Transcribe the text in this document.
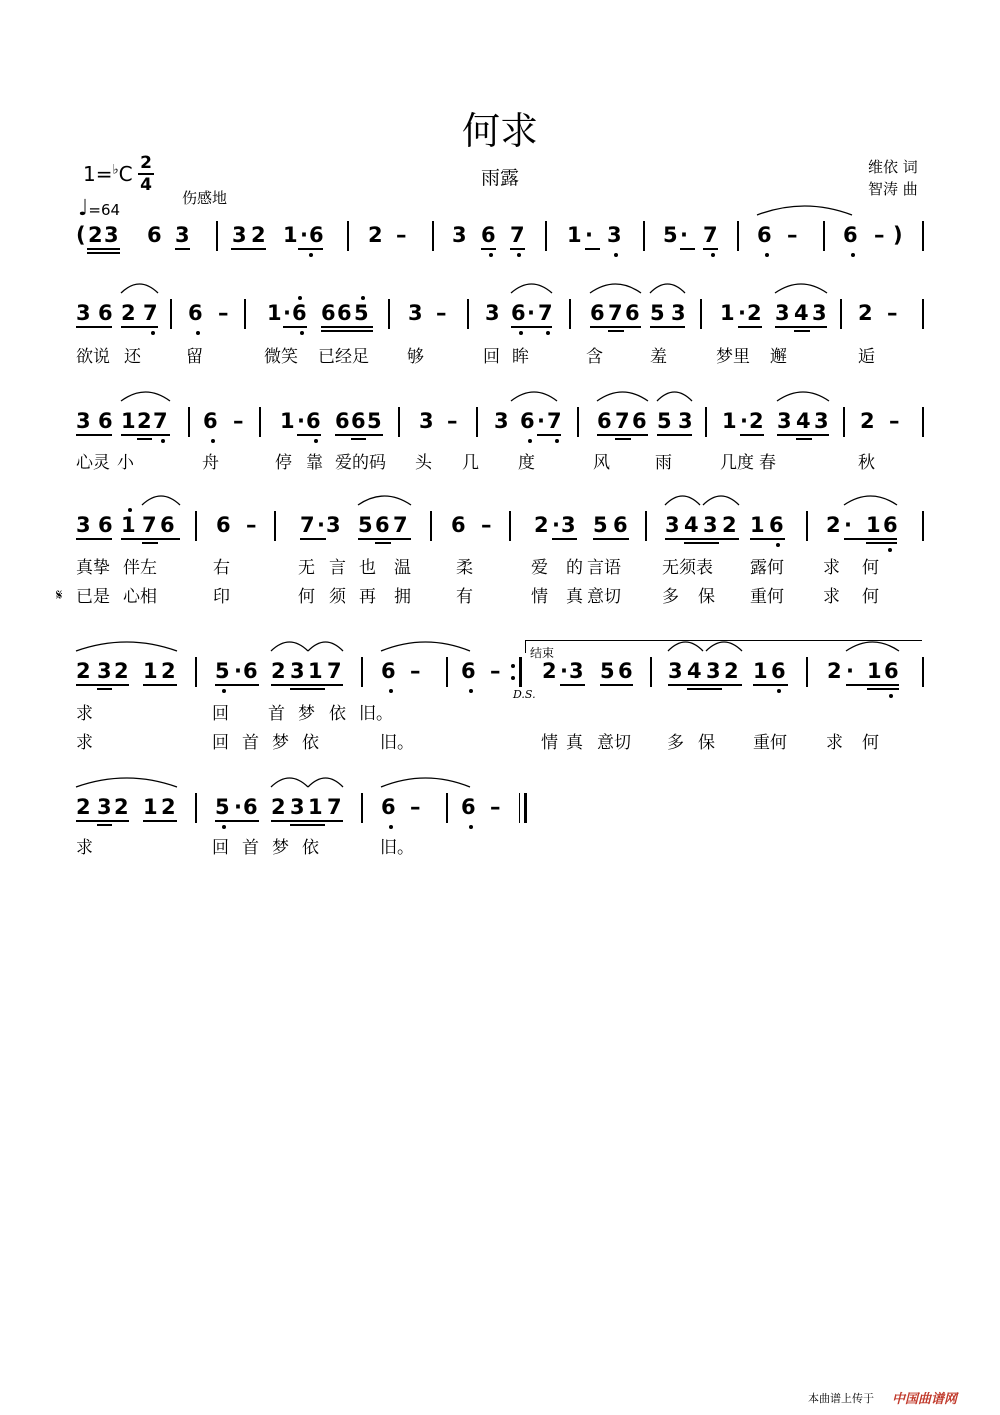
何求
雨露
1=♭C 2
4
♩=64
伤感地
维依 词
智涛 曲
( 2 3 6 3 3 2 1 · 6 2 – 3 6 7 1 · 3 5 · 7 6 – 6 – )
3 6 2 7 6 – 1 · 6 6 6 5 3 – 3 6 · 7 6 7 6 5 3 1 · 2 3 4 3 2 –
欲说 还	留	微笑 已经足 够	回 眸	含	羞	梦里 邂	逅
3 6 1 2 7 6 – 1 · 6 6 6 5 3 – 3 6 · 7 6 7 6 5 3 1 · 2 3 4 3 2 –
心灵 小	舟	停 靠 爱的码 头 几 度	风	雨	几度 春	秋
3 6 1 7 6 6 – 7 · 3 5 6 7 6 – 2 · 3 5 6 3 4 3 2 1 6 2 · 1 6
真挚 伴左	右	无 言 也 温	柔	爱 的 言语 无须表 露何 求 何
已是 心相	印	何 须 再 拥	有	情 真 意切 多 保 重何 求 何
2 3 2 1 2 5 · 6 2 3 1 7 6 – 6 – 2 · 3 5 6 3 4 3 2 1 6 2 · 1 6
求	回 首 梦 依 旧。
求	回 首 梦 依	旧。	情 真 意切 多 保 重何 求 何
2 3 2 1 2 5 · 6 2 3 1 7 6 – 6 –
求	回 首 梦 依	旧。
结束
D.S.
𝄋
本曲谱上传于 中国曲谱网
